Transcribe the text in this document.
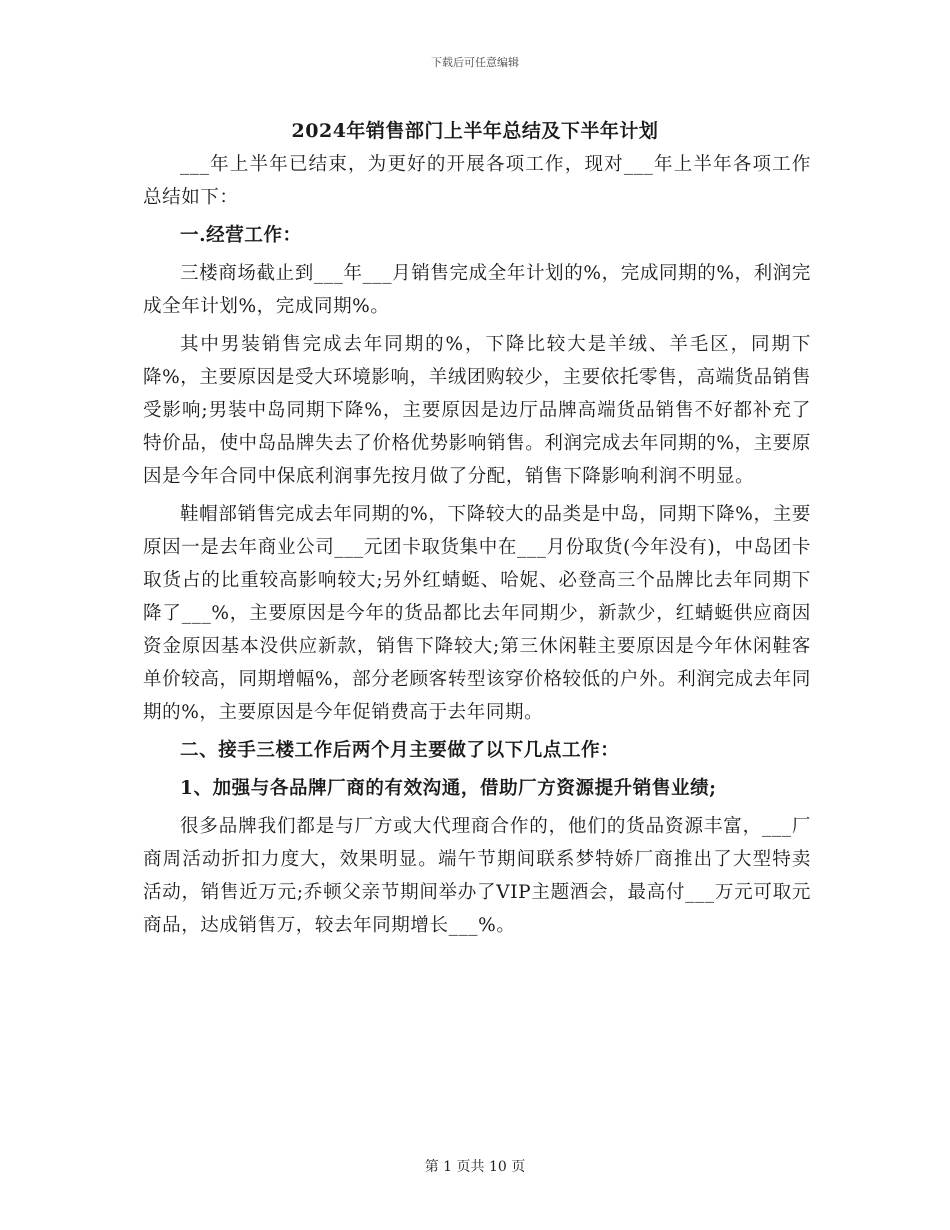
下载后可任意编辑
2024年销售部门上半年总结及下半年计划

___年上半年已结束，为更好的开展各项工作，现对___年上半年各项工作总结如下：

一.经营工作：

三楼商场截止到___年___月销售完成全年计划的%，完成同期的%，利润完成全年计划%，完成同期%。

其中男装销售完成去年同期的%，下降比较大是羊绒、羊毛区，同期下降%，主要原因是受大环境影响，羊绒团购较少，主要依托零售，高端货品销售受影响;男装中岛同期下降%，主要原因是边厅品牌高端货品销售不好都补充了特价品，使中岛品牌失去了价格优势影响销售。利润完成去年同期的%，主要原因是今年合同中保底利润事先按月做了分配，销售下降影响利润不明显。

鞋帽部销售完成去年同期的%，下降较大的品类是中岛，同期下降%，主要原因一是去年商业公司___元团卡取货集中在___月份取货(今年没有)，中岛团卡取货占的比重较高影响较大;另外红蜻蜓、哈妮、必登高三个品牌比去年同期下降了___%，主要原因是今年的货品都比去年同期少，新款少，红蜻蜓供应商因资金原因基本没供应新款，销售下降较大;第三休闲鞋主要原因是今年休闲鞋客单价较高，同期增幅%，部分老顾客转型该穿价格较低的户外。利润完成去年同期的%，主要原因是今年促销费高于去年同期。

二、接手三楼工作后两个月主要做了以下几点工作：

1、加强与各品牌厂商的有效沟通，借助厂方资源提升销售业绩;

很多品牌我们都是与厂方或大代理商合作的，他们的货品资源丰富，___厂商周活动折扣力度大，效果明显。端午节期间联系梦特娇厂商推出了大型特卖活动，销售近万元;乔顿父亲节期间举办了VIP主题酒会，最高付___万元可取元商品，达成销售万，较去年同期增长___%。

第 1 页共 10 页
